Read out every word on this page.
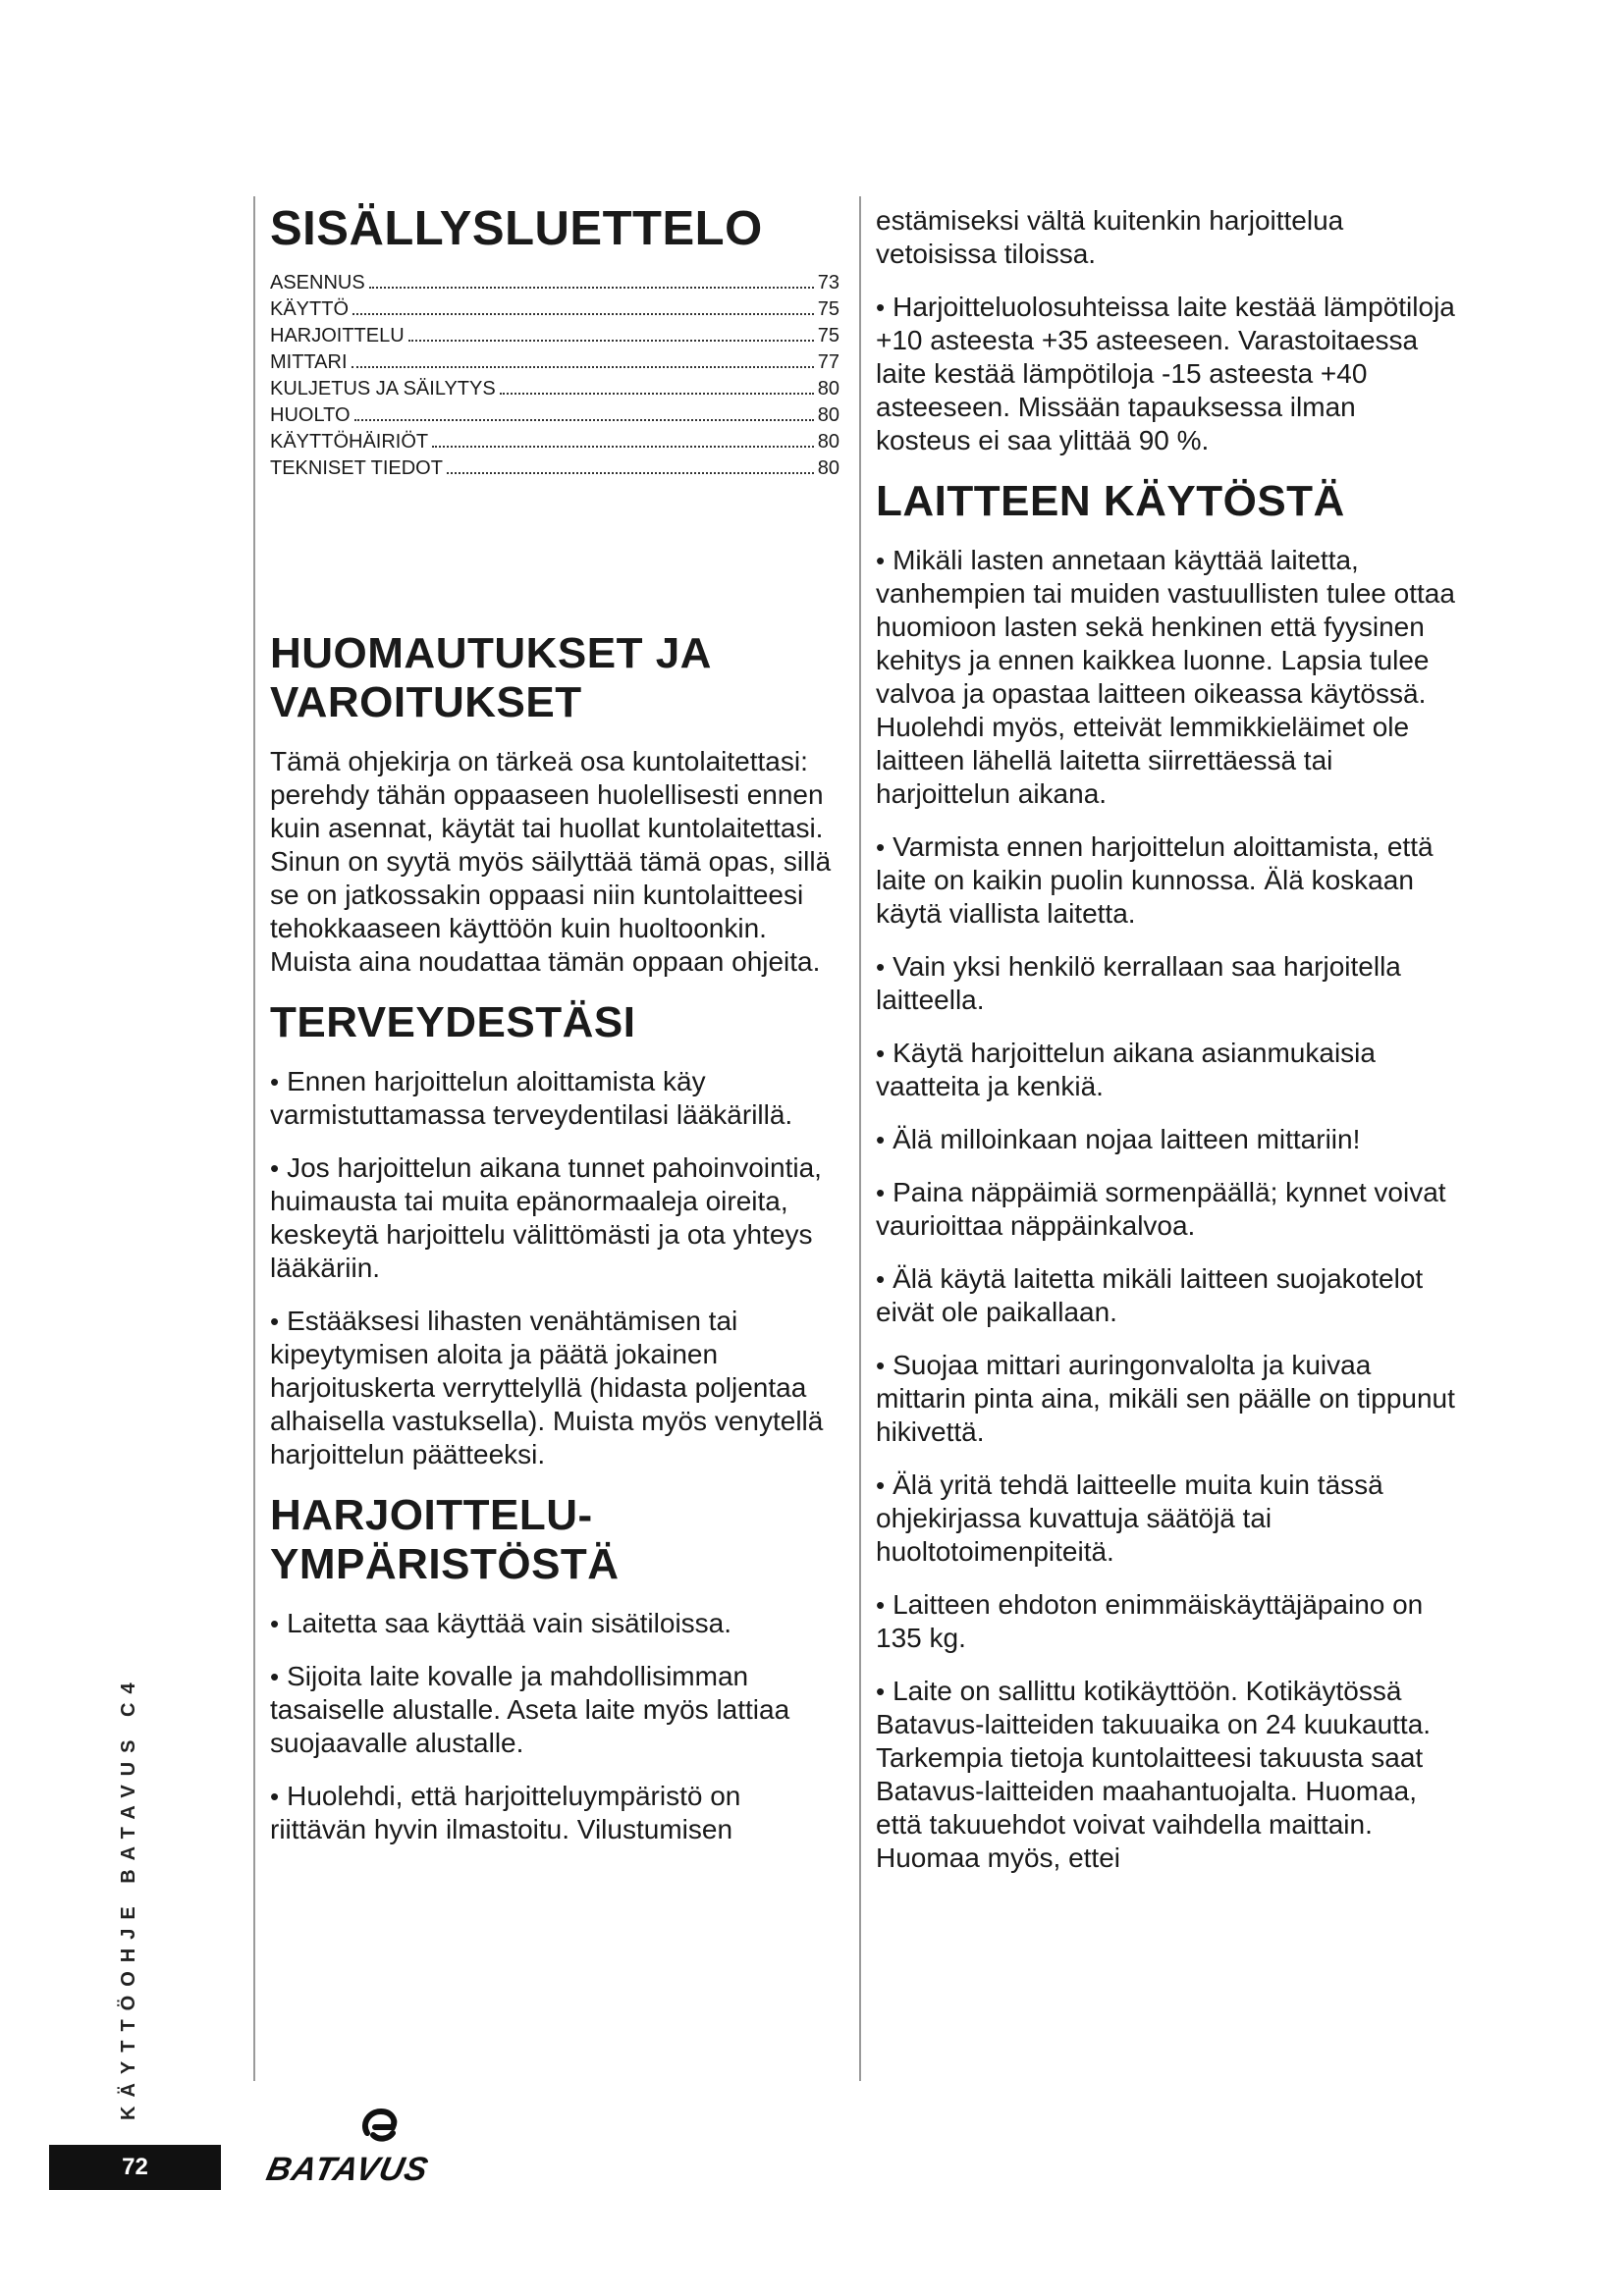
SISÄLLYSLUETTELO
ASENNUS	73
KÄYTTÖ	75
HARJOITTELU	75
MITTARI	77
KULJETUS JA SÄILYTYS	80
HUOLTO	80
KÄYTTÖHÄIRIÖT	80
TEKNISET TIEDOT	80
HUOMAUTUKSET JA
VAROITUKSET

Tämä ohjekirja on tärkeä osa kuntolaitettasi: perehdy tähän oppaaseen huolellisesti ennen kuin asennat, käytät tai huollat kuntolaitettasi. Sinun on syytä myös säilyttää tämä opas, sillä se on jatkossakin oppaasi niin kuntolaitteesi tehokkaaseen käyttöön kuin huoltoonkin. Muista aina noudattaa tämän oppaan ohjeita.

TERVEYDESTÄSI

• Ennen harjoittelun aloittamista käy varmistuttamassa terveydentilasi lääkärillä.

• Jos harjoittelun aikana tunnet pahoinvointia, huimausta tai muita epänormaaleja oireita, keskeytä harjoittelu välittömästi ja ota yhteys lääkäriin.

• Estääksesi lihasten venähtämisen tai kipeytymisen aloita ja päätä jokainen harjoituskerta verryttelyllä (hidasta poljentaa alhaisella vastuksella). Muista myös venytellä harjoittelun päätteeksi.

HARJOITTELU-
YMPÄRISTÖSTÄ

• Laitetta saa käyttää vain sisätiloissa.

• Sijoita laite kovalle ja mahdollisimman tasaiselle alustalle. Aseta laite myös lattiaa suojaavalle alustalle.

• Huolehdi, että harjoitteluympäristö on riittävän hyvin ilmastoitu. Vilustumisen

estämiseksi vältä kuitenkin harjoittelua vetoisissa tiloissa.

• Harjoitteluolosuhteissa laite kestää lämpötiloja +10 asteesta +35 asteeseen. Varastoitaessa laite kestää lämpötiloja -15 asteesta +40 asteeseen. Missään tapauksessa ilman kosteus ei saa ylittää 90 %.

LAITTEEN KÄYTÖSTÄ

• Mikäli lasten annetaan käyttää laitetta, vanhempien tai muiden vastuullisten tulee ottaa huomioon lasten sekä henkinen että fyysinen kehitys ja ennen kaikkea luonne. Lapsia tulee valvoa ja opastaa laitteen oikeassa käytössä. Huolehdi myös, etteivät lemmikkieläimet ole laitteen lähellä laitetta siirrettäessä tai harjoittelun aikana.

• Varmista ennen harjoittelun aloittamista, että laite on kaikin puolin kunnossa. Älä koskaan käytä viallista laitetta.

• Vain yksi henkilö kerrallaan saa harjoitella laitteella.

• Käytä harjoittelun aikana asianmukaisia vaatteita ja kenkiä.

• Älä milloinkaan nojaa laitteen mittariin!

• Paina näppäimiä sormenpäällä; kynnet voivat vaurioittaa näppäinkalvoa.

• Älä käytä laitetta mikäli laitteen suojakotelot eivät ole paikallaan.

• Suojaa mittari auringonvalolta ja kuivaa mittarin pinta aina, mikäli sen päälle on tippunut hikivettä.

• Älä yritä tehdä laitteelle muita kuin tässä ohjekirjassa kuvattuja säätöjä tai huoltotoimenpiteitä.

• Laitteen ehdoton enimmäiskäyttäjäpaino on 135 kg.

• Laite on sallittu kotikäyttöön. Kotikäytössä Batavus-laitteiden takuuaika on 24 kuukautta. Tarkempia tietoja kuntolaitteesi takuusta saat Batavus-laitteiden maahantuojalta. Huomaa, että takuuehdot voivat vaihdella maittain. Huomaa myös, ettei

KÄYTTÖOHJE BATAVUS C4
72	BATAVUS
